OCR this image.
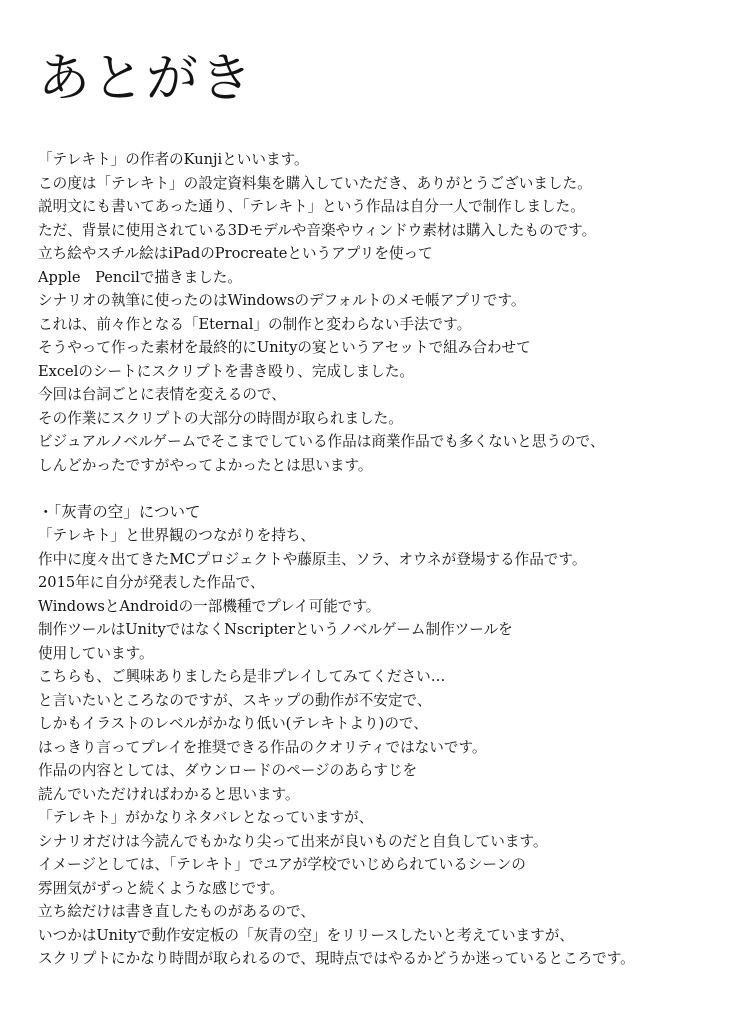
あとがき
「テレキト」の作者のKunjiといいます。
この度は「テレキト」の設定資料集を購入していただき、ありがとうございました。
説明文にも書いてあった通り、「テレキト」という作品は自分一人で制作しました。
ただ、背景に使用されている3Dモデルや音楽やウィンドウ素材は購入したものです。
立ち絵やスチル絵はiPadのProcreateというアプリを使って
Apple　Pencilで描きました。
シナリオの執筆に使ったのはWindowsのデフォルトのメモ帳アプリです。
これは、前々作となる「Eternal」の制作と変わらない手法です。
そうやって作った素材を最終的にUnityの宴というアセットで組み合わせて
Excelのシートにスクリプトを書き殴り、完成しました。
今回は台詞ごとに表情を変えるので、
その作業にスクリプトの大部分の時間が取られました。
ビジュアルノベルゲームでそこまでしている作品は商業作品でも多くないと思うので、
しんどかったですがやってよかったとは思います。
・「灰青の空」について
「テレキト」と世界観のつながりを持ち、
作中に度々出てきたMCプロジェクトや藤原圭、ソラ、オウネが登場する作品です。
2015年に自分が発表した作品で、
WindowsとAndroidの一部機種でプレイ可能です。
制作ツールはUnityではなくNscripterというノベルゲーム制作ツールを
使用しています。
こちらも、ご興味ありましたら是非プレイしてみてください…
と言いたいところなのですが、スキップの動作が不安定で、
しかもイラストのレベルがかなり低い(テレキトより)ので、
はっきり言ってプレイを推奨できる作品のクオリティではないです。
作品の内容としては、ダウンロードのページのあらすじを
読んでいただければわかると思います。
「テレキト」がかなりネタバレとなっていますが、
シナリオだけは今読んでもかなり尖って出来が良いものだと自負しています。
イメージとしては、「テレキト」でユアが学校でいじめられているシーンの
雰囲気がずっと続くような感じです。
立ち絵だけは書き直したものがあるので、
いつかはUnityで動作安定板の「灰青の空」をリリースしたいと考えていますが、
スクリプトにかなり時間が取られるので、現時点ではやるかどうか迷っているところです。
